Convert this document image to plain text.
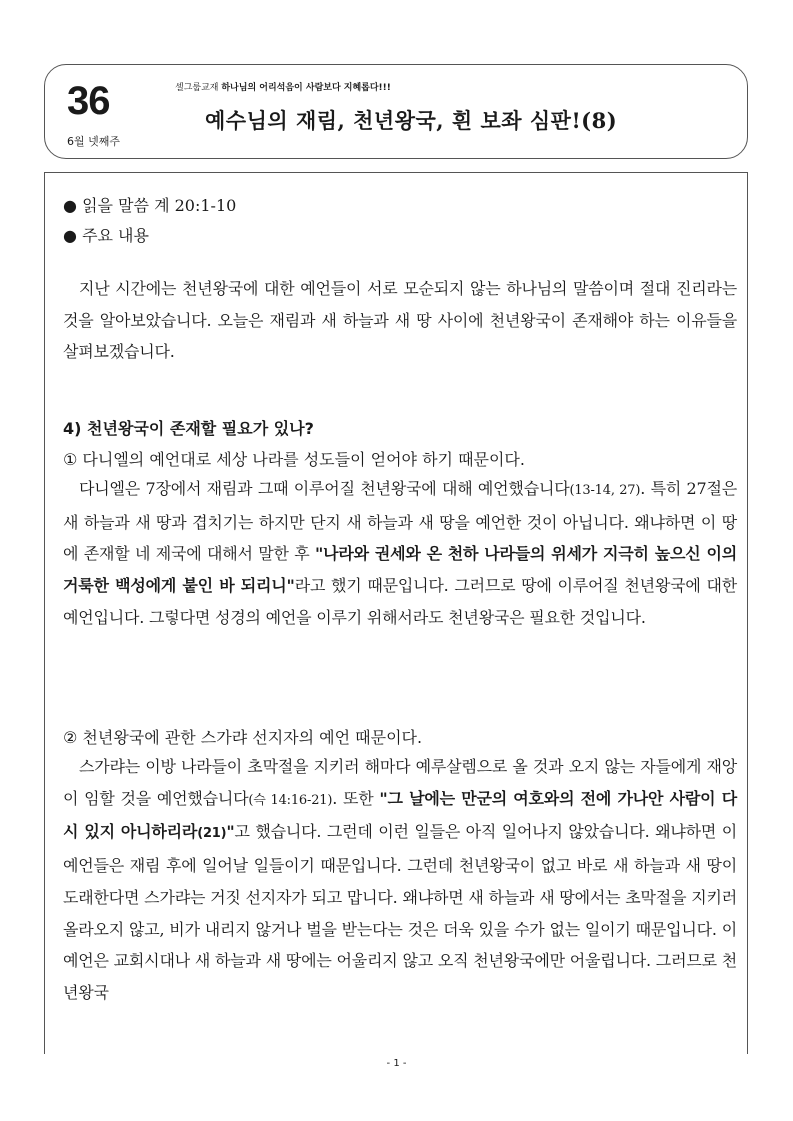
36
6월 넷째주
셀그룹교재 하나님의 어리석음이 사람보다 지혜롭다!!!
예수님의 재림, 천년왕국, 흰 보좌 심판!(8)
● 읽을 말씀 계 20:1-10
● 주요 내용
지난 시간에는 천년왕국에 대한 예언들이 서로 모순되지 않는 하나님의 말씀이며 절대 진리라는 것을 알아보았습니다. 오늘은 재림과 새 하늘과 새 땅 사이에 천년왕국이 존재해야 하는 이유들을 살펴보겠습니다.
4) 천년왕국이 존재할 필요가 있나?
① 다니엘의 예언대로 세상 나라를 성도들이 얻어야 하기 때문이다.
다니엘은 7장에서 재림과 그때 이루어질 천년왕국에 대해 예언했습니다(13-14, 27). 특히 27절은 새 하늘과 새 땅과 겹치기는 하지만 단지 새 하늘과 새 땅을 예언한 것이 아닙니다. 왜냐하면 이 땅에 존재할 네 제국에 대해서 말한 후 "나라와 권세와 온 천하 나라들의 위세가 지극히 높으신 이의 거룩한 백성에게 붙인 바 되리니"라고 했기 때문입니다. 그러므로 땅에 이루어질 천년왕국에 대한 예언입니다. 그렇다면 성경의 예언을 이루기 위해서라도 천년왕국은 필요한 것입니다.
② 천년왕국에 관한 스가랴 선지자의 예언 때문이다.
스가랴는 이방 나라들이 초막절을 지키러 해마다 예루살렘으로 올 것과 오지 않는 자들에게 재앙이 임할 것을 예언했습니다(슥 14:16-21). 또한 "그 날에는 만군의 여호와의 전에 가나안 사람이 다시 있지 아니하리라(21)"고 했습니다. 그런데 이런 일들은 아직 일어나지 않았습니다. 왜냐하면 이 예언들은 재림 후에 일어날 일들이기 때문입니다. 그런데 천년왕국이 없고 바로 새 하늘과 새 땅이 도래한다면 스가랴는 거짓 선지자가 되고 맙니다. 왜냐하면 새 하늘과 새 땅에서는 초막절을 지키러 올라오지 않고, 비가 내리지 않거나 벌을 받는다는 것은 더욱 있을 수가 없는 일이기 때문입니다. 이 예언은 교회시대나 새 하늘과 새 땅에는 어울리지 않고 오직 천년왕국에만 어울립니다. 그러므로 천년왕국
- 1 -
